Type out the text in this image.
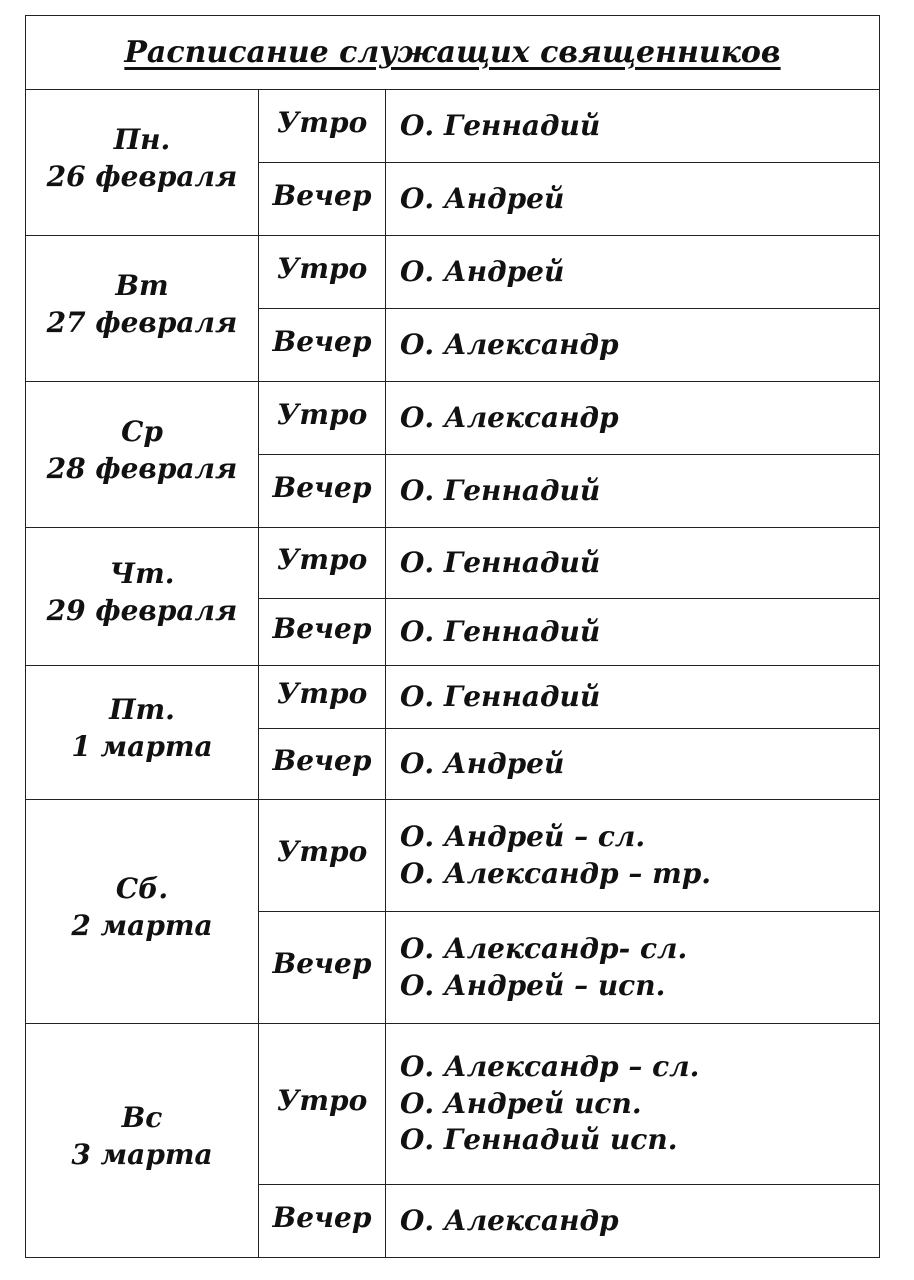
Расписание служащих священников		

Пн.
26 февраля	Утро	О. Геннадий

	Вечер	О. Андрей

Вт
27 февраля	Утро	О. Андрей

	Вечер	О. Александр

Ср
28 февраля	Утро	О. Александр

	Вечер	О. Геннадий

Чт.
29 февраля	Утро	О. Геннадий

	Вечер	О. Геннадий

Пт.
1 марта	Утро	О. Геннадий

	Вечер	О. Андрей

Сб.
2 марта	Утро	О. Андрей – сл.
О. Александр – тр.

	Вечер	О. Александр- сл.
О. Андрей – исп.

Вс
3 марта	Утро	О. Александр – сл.
О. Андрей исп.
О. Геннадий исп.

	Вечер	О. Александр
